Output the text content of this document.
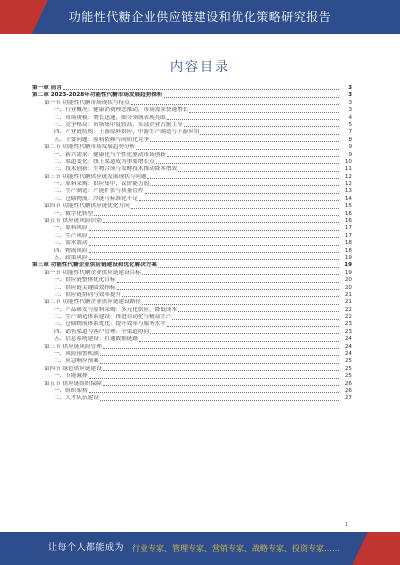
功能性代糖企业供应链建设和优化策略研究报告
内容目录
第一章 前言	3
第二章 2023-2028年功能性代糖市场发展趋势探析	3
第一节 功能性代糖市场现状与特点	3
一、行业概况：健康消费理念推动，市场需求快速增长	3
二、市场规模：增长迅速，细分领域表现亮眼	4
三、竞争格局：市场集中度较高，头部企业占据主导	5
四、产业链结构：上游原料供应、中游生产制造与下游应用	7
五、主要问题：原料依赖与同质化竞争	8
第二节 功能性代糖市场发展趋势分析	9
一、新兴需求：健康化与个性化驱动市场创新	9
二、渠道变化：线上渠道成为重要增长点	10
三、技术创新：生物合成与发酵技术推动降本增效	11
第三节 功能性代糖供应链发展现状与问题	12
一、原料采购：供应集中，议价能力弱	12
二、生产制造：产能扩张与质量管控	13
三、仓储物流：冷链与标准化不足	14
第四节 功能性代糖供应链优化方向	15
一、数字化转型	16
第五节 供应链风险识别	16
一、原料风险	17
二、生产风险	17
三、需求波动	18
四、物流风险	18
五、政策风险	19
第三章 功能性代糖企业供应链建设和优化解决方案	19
第一节 功能性代糖企业供应链建设目标	19
一、供应链整体优化目标	20
二、供应链关键绩效指标	20
三、供应链协同与效率提升	21
第二节 功能性代糖企业供应链建设路径	21
一、产品研发与原料采购：多元化供应，降低成本	22
二、生产制造体系建设：推进自动化与精益生产	22
三、仓储物流体系优化：提升效率与服务水平	23
四、销售渠道与客户管理：全渠道协同	23
五、信息系统建设：打通数据链路	24
第三节 供应链风险管理	24
一、风险预警机制	24
二、应急响应预案	25
第四节 绿色供应链建设	25
一、节能减排	25
第五节 供应链组织保障	26
一、组织架构	26
二、人才队伍建设	27
1
让每个人都能成为 行业专家、管理专家、营销专家、战略专家、投资专家……
